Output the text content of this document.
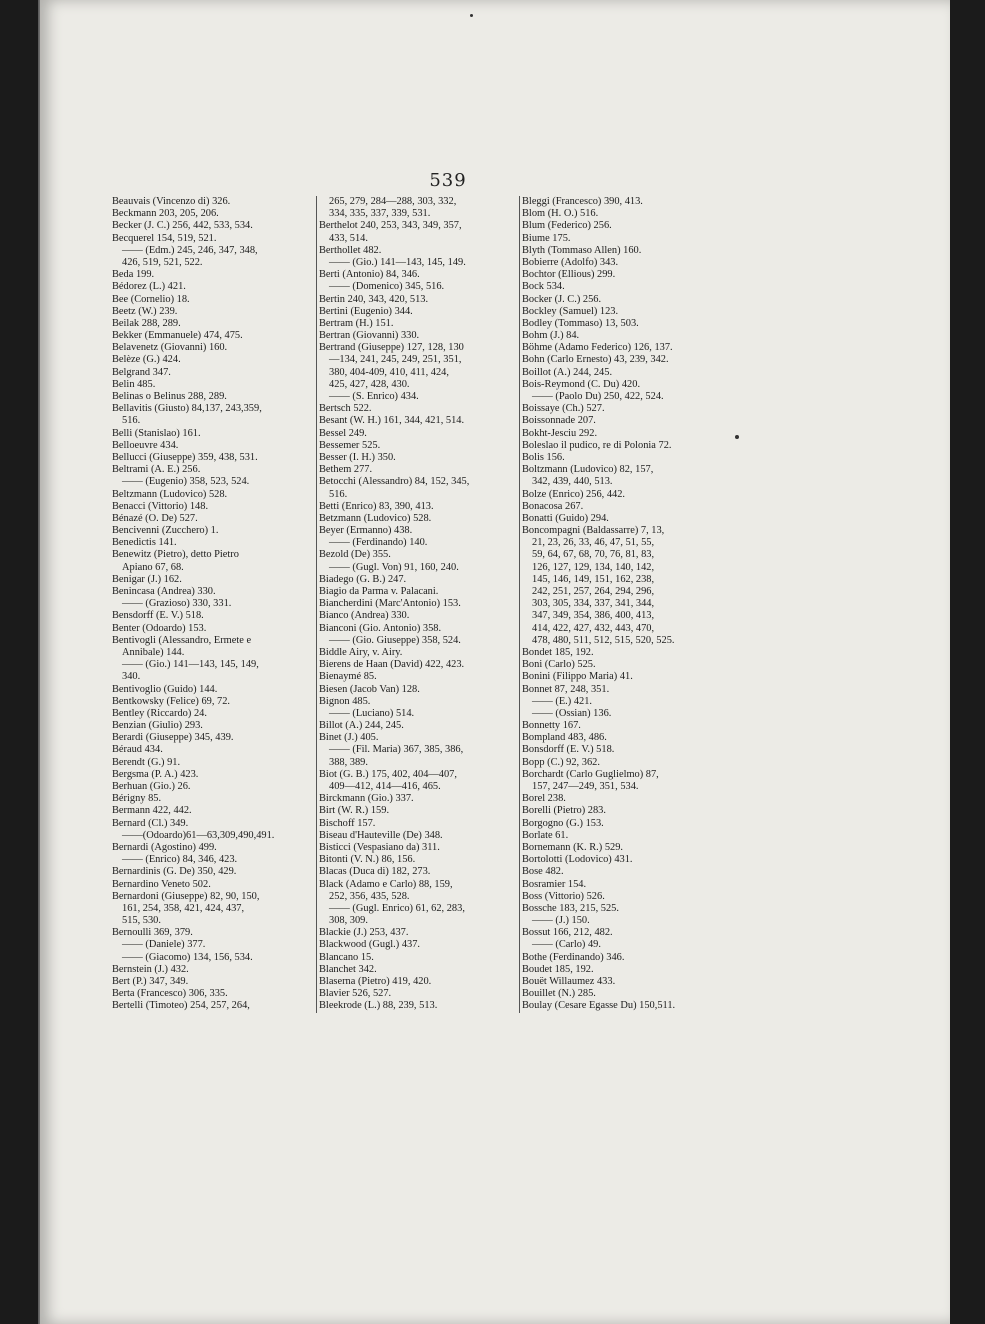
539
Beauvais (Vincenzo di) 326.
Beckmann 203, 205, 206.
Becker (J. C.) 256, 442, 533, 534.
Becquerel 154, 519, 521.
—— (Edm.) 245, 246, 347, 348,
426, 519, 521, 522.
Beda 199.
Bédorez (L.) 421.
Bee (Cornelio) 18.
Beetz (W.) 239.
Beilak 288, 289.
Bekker (Emmanuele) 474, 475.
Belavenetz (Giovanni) 160.
Belèze (G.) 424.
Belgrand 347.
Belin 485.
Belinas o Belinus 288, 289.
Bellavitis (Giusto) 84,137, 243,359,
516.
Belli (Stanislao) 161.
Belloeuvre 434.
Bellucci (Giuseppe) 359, 438, 531.
Beltrami (A. E.) 256.
—— (Eugenio) 358, 523, 524.
Beltzmann (Ludovico) 528.
Benacci (Vittorio) 148.
Bénazé (O. De) 527.
Bencivenni (Zucchero) 1.
Benedictis 141.
Benewitz (Pietro), detto Pietro
Apiano 67, 68.
Benigar (J.) 162.
Benincasa (Andrea) 330.
—— (Grazioso) 330, 331.
Bensdorff (E. V.) 518.
Benter (Odoardo) 153.
Bentivogli (Alessandro, Ermete e
Annibale) 144.
—— (Gio.) 141—143, 145, 149,
340.
Bentivoglio (Guido) 144.
Bentkowsky (Felice) 69, 72.
Bentley (Riccardo) 24.
Benzian (Giulio) 293.
Berardi (Giuseppe) 345, 439.
Béraud 434.
Berendt (G.) 91.
Bergsma (P. A.) 423.
Berhuan (Gio.) 26.
Bérigny 85.
Bermann 422, 442.
Bernard (Cl.) 349.
——(Odoardo)61—63,309,490,491.
Bernardi (Agostino) 499.
—— (Enrico) 84, 346, 423.
Bernardinis (G. De) 350, 429.
Bernardino Veneto 502.
Bernardoni (Giuseppe) 82, 90, 150,
161, 254, 358, 421, 424, 437,
515, 530.
Bernoulli 369, 379.
—— (Daniele) 377.
—— (Giacomo) 134, 156, 534.
Bernstein (J.) 432.
Bert (P.) 347, 349.
Berta (Francesco) 306, 335.
Bertelli (Timoteo) 254, 257, 264,
265, 279, 284—288, 303, 332,
334, 335, 337, 339, 531.
Berthelot 240, 253, 343, 349, 357,
433, 514.
Berthollet 482.
—— (Gio.) 141—143, 145, 149.
Berti (Antonio) 84, 346.
—— (Domenico) 345, 516.
Bertin 240, 343, 420, 513.
Bertini (Eugenio) 344.
Bertram (H.) 151.
Bertran (Giovanni) 330.
Bertrand (Giuseppe) 127, 128, 130
—134, 241, 245, 249, 251, 351,
380, 404-409, 410, 411, 424,
425, 427, 428, 430.
—— (S. Enrico) 434.
Bertsch 522.
Besant (W. H.) 161, 344, 421, 514.
Bessel 249.
Bessemer 525.
Besser (I. H.) 350.
Bethem 277.
Betocchi (Alessandro) 84, 152, 345,
516.
Betti (Enrico) 83, 390, 413.
Betzmann (Ludovico) 528.
Beyer (Ermanno) 438.
—— (Ferdinando) 140.
Bezold (De) 355.
—— (Gugl. Von) 91, 160, 240.
Biadego (G. B.) 247.
Biagio da Parma v. Palacani.
Biancherdini (Marc'Antonio) 153.
Bianco (Andrea) 330.
Bianconi (Gio. Antonio) 358.
—— (Gio. Giuseppe) 358, 524.
Biddle Airy, v. Airy.
Bierens de Haan (David) 422, 423.
Bienaymé 85.
Biesen (Jacob Van) 128.
Bignon 485.
—— (Luciano) 514.
Billot (A.) 244, 245.
Binet (J.) 405.
—— (Fil. Maria) 367, 385, 386,
388, 389.
Biot (G. B.) 175, 402, 404—407,
409—412, 414—416, 465.
Birckmann (Gio.) 337.
Birt (W. R.) 159.
Bischoff 157.
Biseau d'Hauteville (De) 348.
Bisticci (Vespasiano da) 311.
Bitonti (V. N.) 86, 156.
Blacas (Duca di) 182, 273.
Black (Adamo e Carlo) 88, 159,
252, 356, 435, 528.
—— (Gugl. Enrico) 61, 62, 283,
308, 309.
Blackie (J.) 253, 437.
Blackwood (Gugl.) 437.
Blancano 15.
Blanchet 342.
Blaserna (Pietro) 419, 420.
Blavier 526, 527.
Bleekrode (L.) 88, 239, 513.
Bleggi (Francesco) 390, 413.
Blom (H. O.) 516.
Blum (Federico) 256.
Biume 175.
Blyth (Tommaso Allen) 160.
Bobierre (Adolfo) 343.
Bochtor (Ellious) 299.
Bock 534.
Bocker (J. C.) 256.
Bockley (Samuel) 123.
Bodley (Tommaso) 13, 503.
Bohm (J.) 84.
Böhme (Adamo Federico) 126, 137.
Bohn (Carlo Ernesto) 43, 239, 342.
Boillot (A.) 244, 245.
Bois-Reymond (C. Du) 420.
—— (Paolo Du) 250, 422, 524.
Boissaye (Ch.) 527.
Boissonnade 207.
Bokht-Jesciu 292.
Boleslao il pudico, re di Polonia 72.
Bolis 156.
Boltzmann (Ludovico) 82, 157,
342, 439, 440, 513.
Bolze (Enrico) 256, 442.
Bonacosa 267.
Bonatti (Guido) 294.
Boncompagni (Baldassarre) 7, 13,
21, 23, 26, 33, 46, 47, 51, 55,
59, 64, 67, 68, 70, 76, 81, 83,
126, 127, 129, 134, 140, 142,
145, 146, 149, 151, 162, 238,
242, 251, 257, 264, 294, 296,
303, 305, 334, 337, 341, 344,
347, 349, 354, 386, 400, 413,
414, 422, 427, 432, 443, 470,
478, 480, 511, 512, 515, 520, 525.
Bondet 185, 192.
Boni (Carlo) 525.
Bonini (Filippo Maria) 41.
Bonnet 87, 248, 351.
—— (E.) 421.
—— (Ossian) 136.
Bonnetty 167.
Bompland 483, 486.
Bonsdorff (E. V.) 518.
Bopp (C.) 92, 362.
Borchardt (Carlo Guglielmo) 87,
157, 247—249, 351, 534.
Borel 238.
Borelli (Pietro) 283.
Borgogno (G.) 153.
Borlate 61.
Bornemann (K. R.) 529.
Bortolotti (Lodovico) 431.
Bose 482.
Bosramier 154.
Boss (Vittorio) 526.
Bossche 183, 215, 525.
—— (J.) 150.
Bossut 166, 212, 482.
—— (Carlo) 49.
Bothe (Ferdinando) 346.
Boudet 185, 192.
Bouët Willaumez 433.
Bouillet (N.) 285.
Boulay (Cesare Egasse Du) 150,511.
